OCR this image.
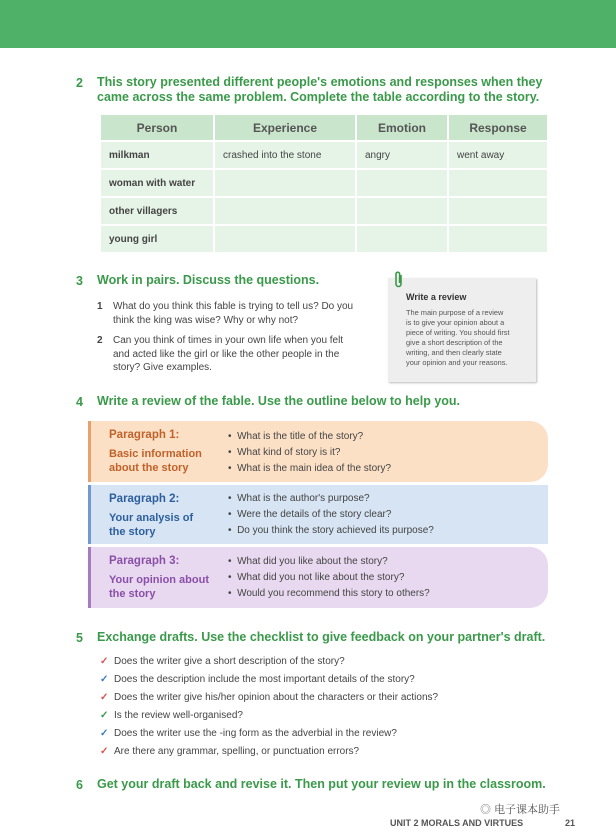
2 This story presented different people's emotions and responses when they came across the same problem. Complete the table according to the story.
Person	Experience	Emotion	Response
milkman	crashed into the stone	angry	went away
woman with water			
other villagers			
young girl			
3 Work in pairs. Discuss the questions.
1 What do you think this fable is trying to tell us? Do you
think the king was wise? Why or why not?
2 Can you think of times in your own life when you felt
and acted like the girl or like the other people in the
story? Give examples.
Write a review
The main purpose of a review
is to give your opinion about a
piece of writing. You should first
give a short description of the
writing, and then clearly state
your opinion and your reasons.
4 Write a review of the fable. Use the outline below to help you.
Paragraph 1:
Basic information
about the story
•  What is the title of the story?
•  What kind of story is it?
•  What is the main idea of the story?
Paragraph 2:
Your analysis of
the story
•  What is the author's purpose?
•  Were the details of the story clear?
•  Do you think the story achieved its purpose?
Paragraph 3:
Your opinion about
the story
•  What did you like about the story?
•  What did you not like about the story?
•  Would you recommend this story to others?
5 Exchange drafts. Use the checklist to give feedback on your partner's draft.
✓ Does the writer give a short description of the story?
✓ Does the description include the most important details of the story?
✓ Does the writer give his/her opinion about the characters or their actions?
✓ Is the review well-organised?
✓ Does the writer use the -ing form as the adverbial in the review?
✓ Are there any grammar, spelling, or punctuation errors?
6 Get your draft back and revise it. Then put your review up in the classroom.
◎ 电子课本助手
UNIT 2 MORALS AND VIRTUES	21
